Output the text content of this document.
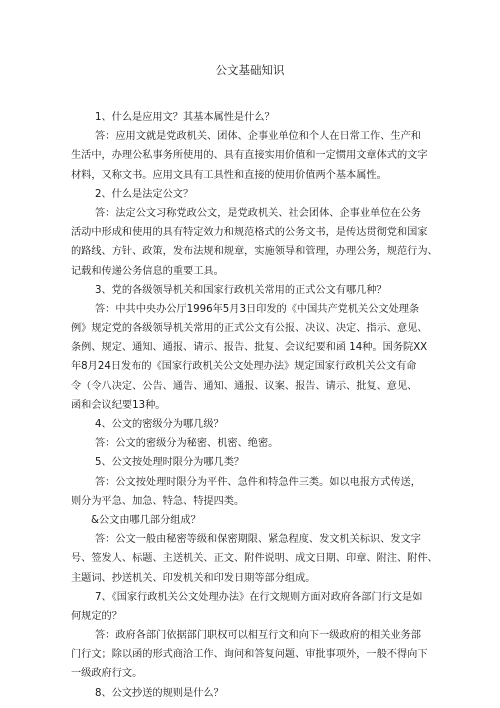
公文基础知识
1、什么是应用文？其基本属性是什么？
答：应用文就是党政机关、团体、企事业单位和个人在日常工作、生产和
生活中，办理公私事务所使用的、具有直接实用价值和一定惯用文章体式的文字
材料，又称文书。应用文具有工具性和直接的使用价值两个基本属性。
2、什么是法定公文？
答：法定公文习称党政公文，是党政机关、社会团体、企事业单位在公务
活动中形成和使用的具有特定效力和规范格式的公务文书，是传达贯彻党和国家
的路线、方针、政策，发布法规和规章，实施领导和管理，办理公务，规范行为、
记载和传递公务信息的重要工具。
3、党的各级领导机关和国家行政机关常用的正式公文有哪几种？
答：中共中央办公厅1996年5月3日印发的《中国共产党机关公文处理条
例》规定党的各级领导机关常用的正式公文有公报、决议、决定、指示、意见、
条例、规定、通知、通报、请示、报告、批复、会议纪要和函 14种。国务院XX
年8月24日发布的《国家行政机关公文处理办法》规定国家行政机关公文有命
令（令八决定、公告、通告、通知、通报、议案、报告、请示、批复、意见、
函和会议纪要13种。
4、公文的密级分为哪几级？
答：公文的密级分为秘密、机密、绝密。
5、公文按处理时限分为哪几类？
答：公文按处理时限分为平件、急件和特急件三类。如以电报方式传送，
则分为平急、加急、特急、特提四类。
&公文由哪几部分组成？
答：公文一般由秘密等级和保密期限、紧急程度、发文机关标识、发文字
号、签发人、标题、主送机关、正文、附件说明、成文日期、印章、附注、附件、
主题词、抄送机关、印发机关和印发日期等部分组成。
7、《国家行政机关公文处理办法》在行文规则方面对政府各部门行文是如
何规定的？
答：政府各部门依据部门职权可以相互行文和向下一级政府的相关业务部
门行文；除以函的形式商洽工作、询问和答复问题、审批事项外，一般不得向下
一级政府行文。
8、公文抄送的规则是什么？
